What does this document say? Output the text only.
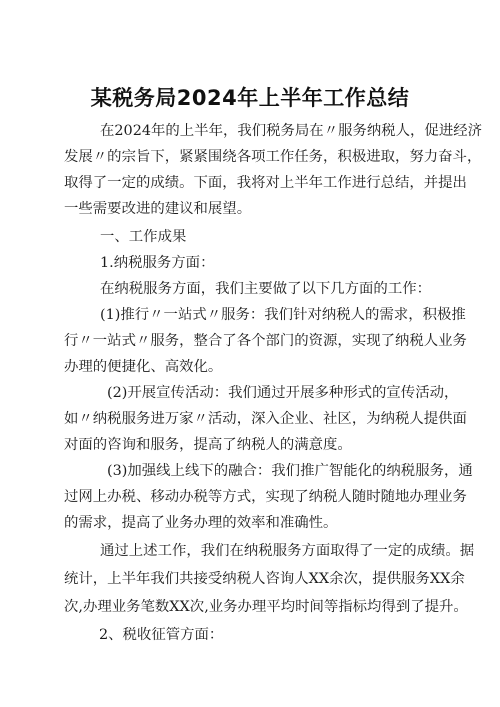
某税务局2024年上半年工作总结
在2024年的上半年，我们税务局在〃服务纳税人，促进经济
发展〃的宗旨下，紧紧围绕各项工作任务，积极进取，努力奋斗，
取得了一定的成绩。下面，我将对上半年工作进行总结，并提出
一些需要改进的建议和展望。
一、工作成果
1.纳税服务方面：
在纳税服务方面，我们主要做了以下几方面的工作：
(1)推行〃一站式〃服务：我们针对纳税人的需求，积极推
行〃一站式〃服务，整合了各个部门的资源，实现了纳税人业务
办理的便捷化、高效化。
(2)开展宣传活动：我们通过开展多种形式的宣传活动，
如〃纳税服务进万家〃活动，深入企业、社区，为纳税人提供面
对面的咨询和服务，提高了纳税人的满意度。
(3)加强线上线下的融合：我们推广智能化的纳税服务，通
过网上办税、移动办税等方式，实现了纳税人随时随地办理业务
的需求，提高了业务办理的效率和准确性。
通过上述工作，我们在纳税服务方面取得了一定的成绩。据
统计，上半年我们共接受纳税人咨询人XX余次，提供服务XX余
次,办理业务笔数XX次,业务办理平均时间等指标均得到了提升。
2、税收征管方面：
